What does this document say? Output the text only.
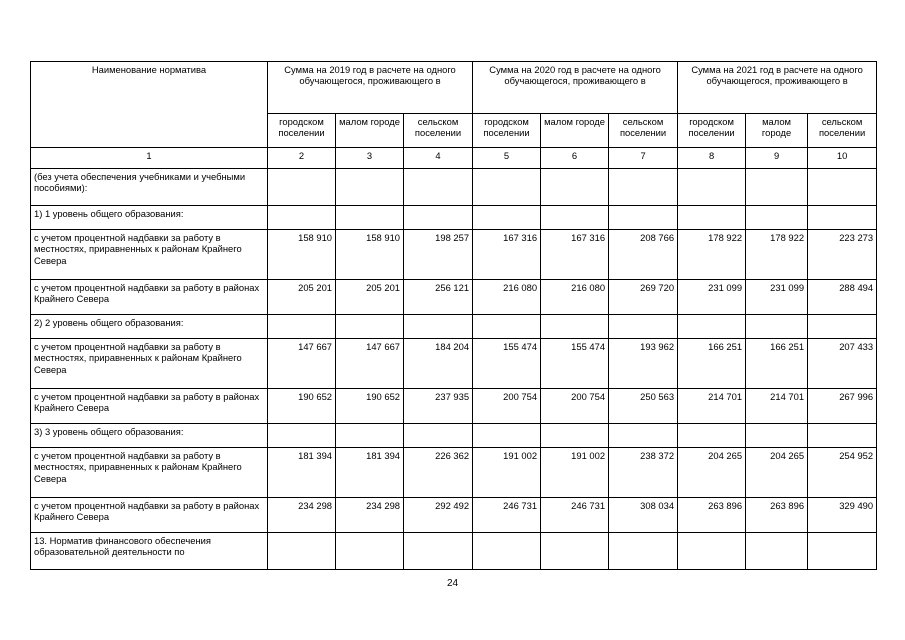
Наименование норматива	Сумма на 2019 год в расчете на одного обучающегося, проживающего в			Сумма на 2020 год в расчете на одного обучающегося, проживающего в			Сумма на 2021 год в расчете на одного обучающегося, проживающего в		
	городском поселении	малом городе	сельском поселении	городском поселении	малом городе	сельском поселении	городском поселении	малом городе	сельском поселении
1	2	3	4	5	6	7	8	9	10
(без учета обеспечения учебниками и учебными пособиями):									
1) 1 уровень общего образования:									
с учетом процентной надбавки за работу в местностях, приравненных к районам Крайнего Севера	158 910	158 910	198 257	167 316	167 316	208 766	178 922	178 922	223 273
с учетом процентной надбавки за работу в районах Крайнего Севера	205 201	205 201	256 121	216 080	216 080	269 720	231 099	231 099	288 494
2) 2 уровень общего образования:									
с учетом процентной надбавки за работу в местностях, приравненных к районам Крайнего Севера	147 667	147 667	184 204	155 474	155 474	193 962	166 251	166 251	207 433
с учетом процентной надбавки за работу в районах Крайнего Севера	190 652	190 652	237 935	200 754	200 754	250 563	214 701	214 701	267 996
3) 3 уровень общего образования:									
с учетом процентной надбавки за работу в местностях, приравненных к районам Крайнего Севера	181 394	181 394	226 362	191 002	191 002	238 372	204 265	204 265	254 952
с учетом процентной надбавки за работу в районах Крайнего Севера	234 298	234 298	292 492	246 731	246 731	308 034	263 896	263 896	329 490
13. Норматив финансового обеспечения образовательной деятельности по									
24
